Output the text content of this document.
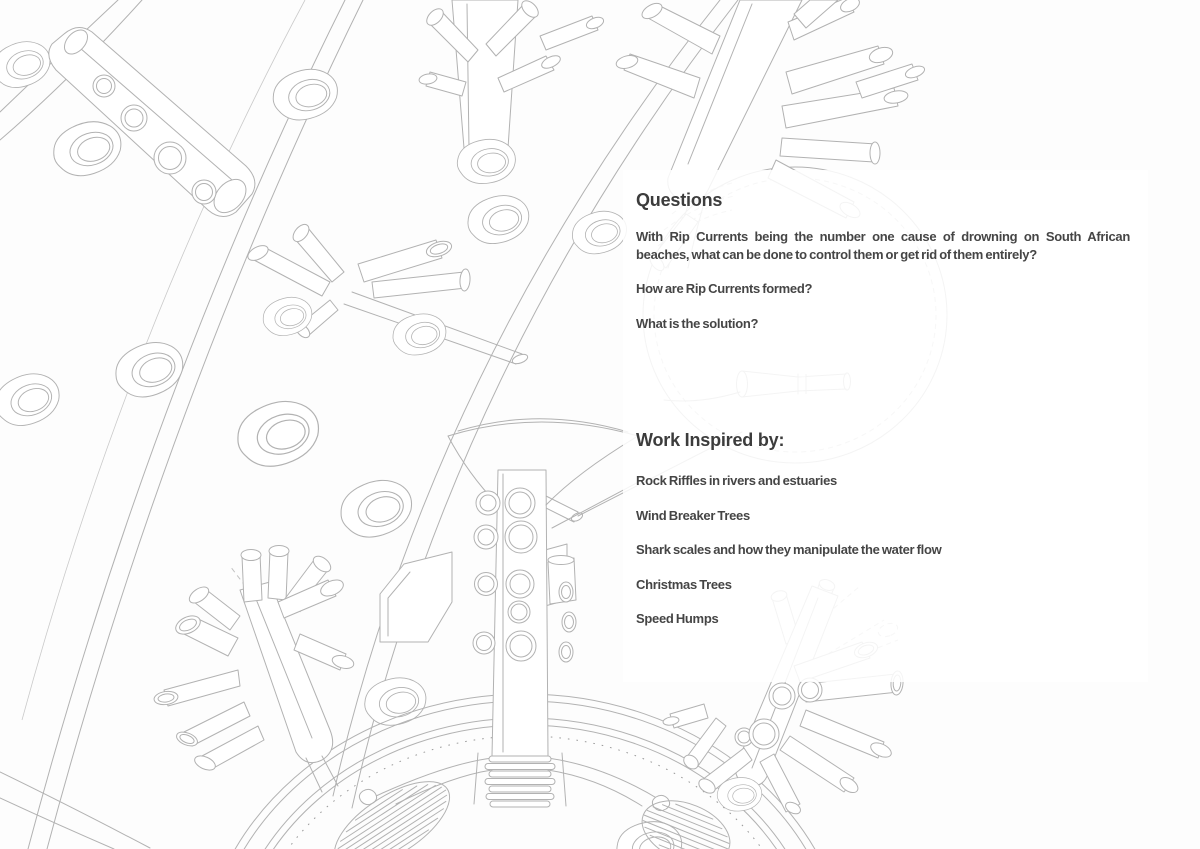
Questions

With Rip Currents being the number one cause of drowning on South African beaches, what can be done to control them or get rid of them entirely?

How are Rip Currents formed?

What is the solution?

Work Inspired by:

Rock Riffles in rivers and estuaries

Wind Breaker Trees

Shark scales and how they manipulate the water flow

Christmas Trees

Speed Humps
